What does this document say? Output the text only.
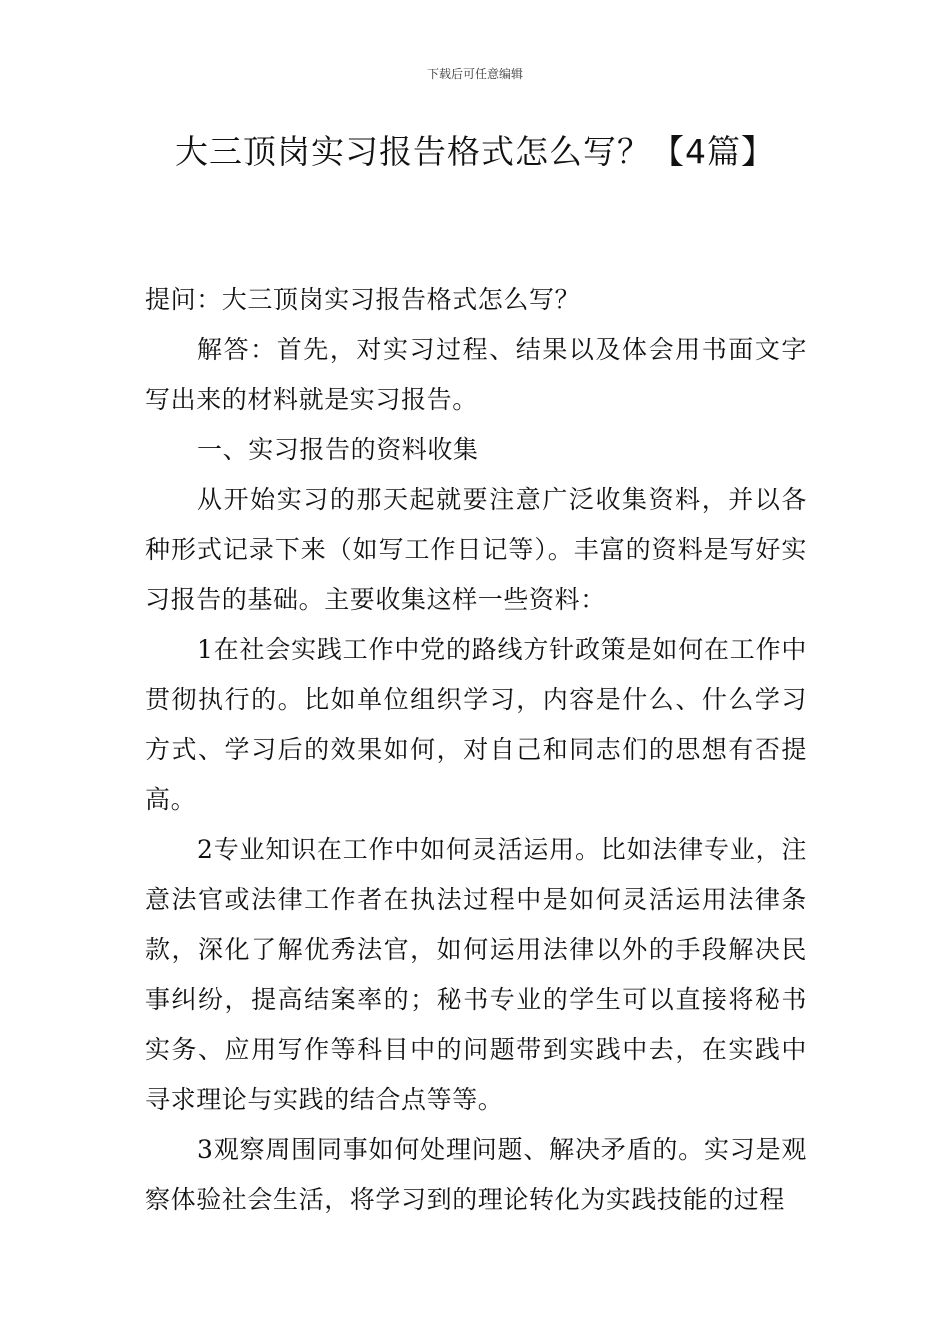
下载后可任意编辑
大三顶岗实习报告格式怎么写？【4篇】

提问：大三顶岗实习报告格式怎么写？

解答：首先，对实习过程、结果以及体会用书面文字写出来的材料就是实习报告。

一、实习报告的资料收集

从开始实习的那天起就要注意广泛收集资料，并以各种形式记录下来（如写工作日记等）。丰富的资料是写好实习报告的基础。主要收集这样一些资料：

1在社会实践工作中党的路线方针政策是如何在工作中贯彻执行的。比如单位组织学习，内容是什么、什么学习方式、学习后的效果如何，对自己和同志们的思想有否提高。

2专业知识在工作中如何灵活运用。比如法律专业，注意法官或法律工作者在执法过程中是如何灵活运用法律条款，深化了解优秀法官，如何运用法律以外的手段解决民事纠纷，提高结案率的；秘书专业的学生可以直接将秘书实务、应用写作等科目中的问题带到实践中去，在实践中寻求理论与实践的结合点等等。

3观察周围同事如何处理问题、解决矛盾的。实习是观察体验社会生活，将学习到的理论转化为实践技能的过程
